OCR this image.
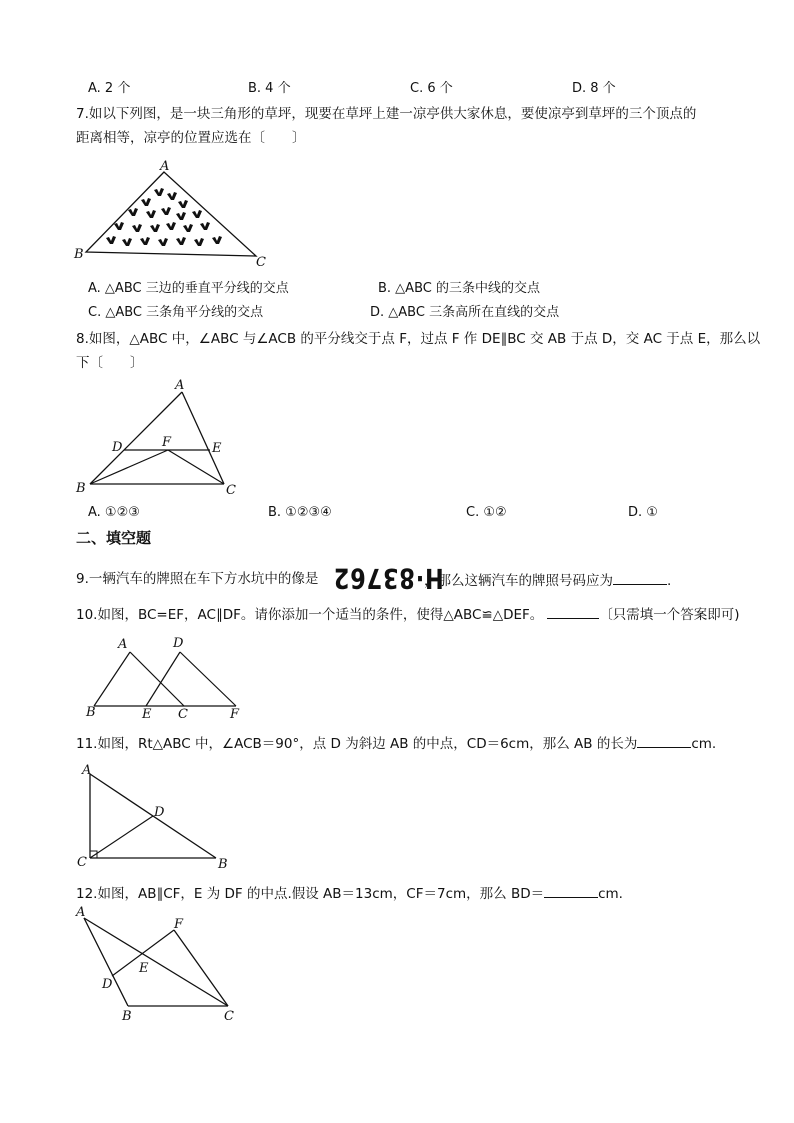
A. 2 个	B. 4 个	C. 6 个	D. 8 个
7.如以下列图，是一块三角形的草坪，现要在草坪上建一凉亭供大家休息，要使凉亭到草坪的三个顶点的
距离相等，凉亭的位置应选在〔　　〕
A
B
C
A. △ABC 三边的垂直平分线的交点	B. △ABC 的三条中线的交点
C. △ABC 三条角平分线的交点	D. △ABC 三条高所在直线的交点
8.如图，△ABC 中，∠ABC 与∠ACB 的平分线交于点 F，过点 F 作 DE∥BC 交 AB 于点 D，交 AC 于点 E，那么以
下〔　　〕
A
B	C
D	E
F
A. ①②③	B. ①②③④	C. ①②	D. ①
二、填空题
9.一辆汽车的牌照在车下方水坑中的像是 H·83762
，那么这辆汽车的牌照号码应为	.
10.如图，BC=EF，AC∥DF。请你添加一个适当的条件，使得△ABC≌△DEF。	〔只需填一个答案即可)
A
B	C
D
E	F
11.如图，Rt△ABC 中，∠ACB＝90°，点 D 为斜边 AB 的中点，CD＝6cm，那么 AB 的长为	cm.
A
B
C
D
12.如图，AB∥CF，E 为 DF 的中点.假设 AB＝13cm，CF＝7cm，那么 BD＝	cm.
A
B	C
D
E
F
